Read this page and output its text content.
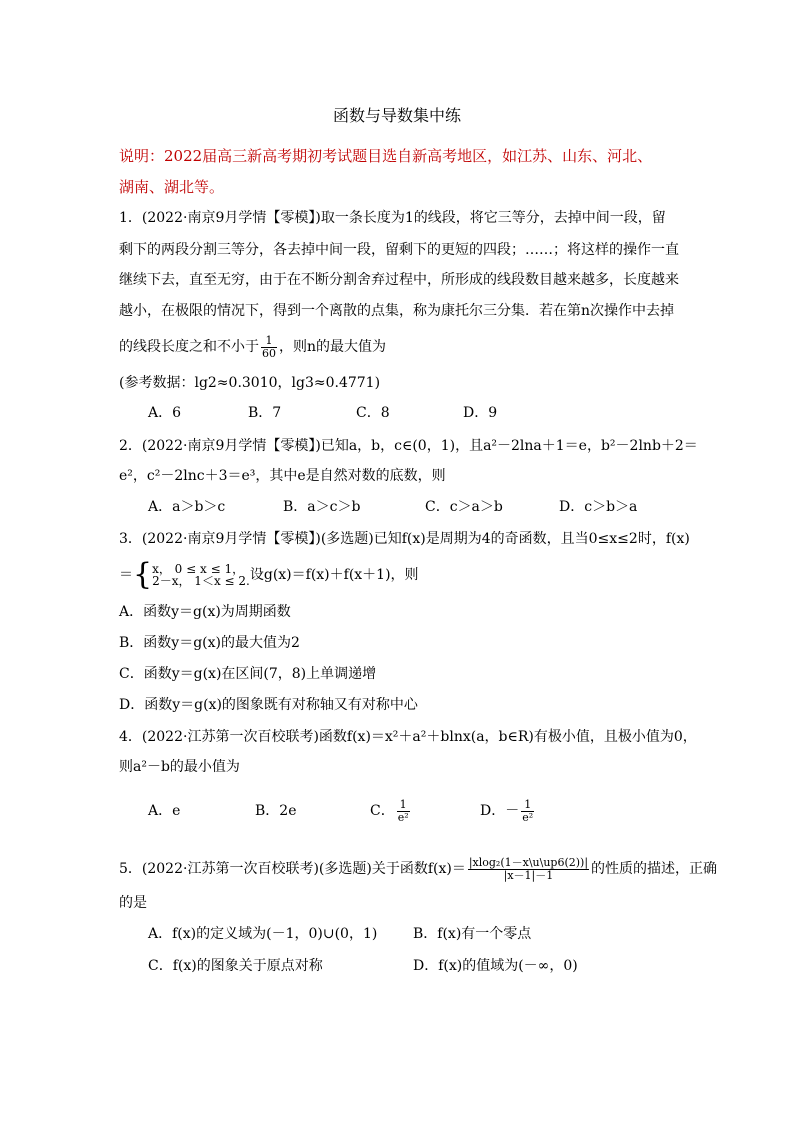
函数与导数集中练
说明：2022届高三新高考期初考试题目选自新高考地区，如江苏、山东、河北、
湖南、湖北等。
1．(2022·南京9月学情【零模】)取一条长度为1的线段，将它三等分，去掉中间一段，留
剩下的两段分割三等分，各去掉中间一段，留剩下的更短的四段；……；将这样的操作一直
继续下去，直至无穷，由于在不断分割舍弃过程中，所形成的线段数目越来越多，长度越来
越小，在极限的情况下，得到一个离散的点集，称为康托尔三分集．若在第n次操作中去掉
的线段长度之和不小于 $\frac{1}{60}$ ，则n的最大值为
(参考数据：lg2≈0.3010，lg3≈0.4771)
A．6	B．7	C．8	D．9
2．(2022·南京9月学情【零模】)已知a，b，c∈(0，1)，且a²－2lna＋1＝e，b²－2lnb＋2＝
e²，c²－2lnc＋3＝e³，其中e是自然对数的底数，则
A．a＞b＞c	B．a＞c＞b	C．c＞a＞b	D．c＞b＞a
3．(2022·南京9月学情【零模】)(多选题)已知f(x)是周期为4的奇函数，且当0≤x≤2时，f(x)
＝{ x， 0 ≤ x ≤ 1，
2－x， 1＜x ≤ 2. 设g(x)＝f(x)＋f(x＋1)，则
A．函数y＝g(x)为周期函数
B．函数y＝g(x)的最大值为2
C．函数y＝g(x)在区间(7，8)上单调递增
D．函数y＝g(x)的图象既有对称轴又有对称中心
4．(2022·江苏第一次百校联考)函数f(x)＝x²＋a²＋blnx(a，b∈R)有极小值，且极小值为0，
则a²－b的最小值为
A．e	B．2e	C． $\frac{1}{\text{e²}}$	D．－ $\frac{1}{\text{e²}}$
5．(2022·江苏第一次百校联考)(多选题)关于函数$f(x)= \frac{\text{|xlog₂(1－x\textbackslash{}u\textbackslash{}up6(2))|}}{|x-1|-1}$ 的性质的描述，正确
的是
A．f(x)的定义域为(－1，0)∪(0，1)	B．f(x)有一个零点
C．f(x)的图象关于原点对称	D．f(x)的值域为(－∞，0)
